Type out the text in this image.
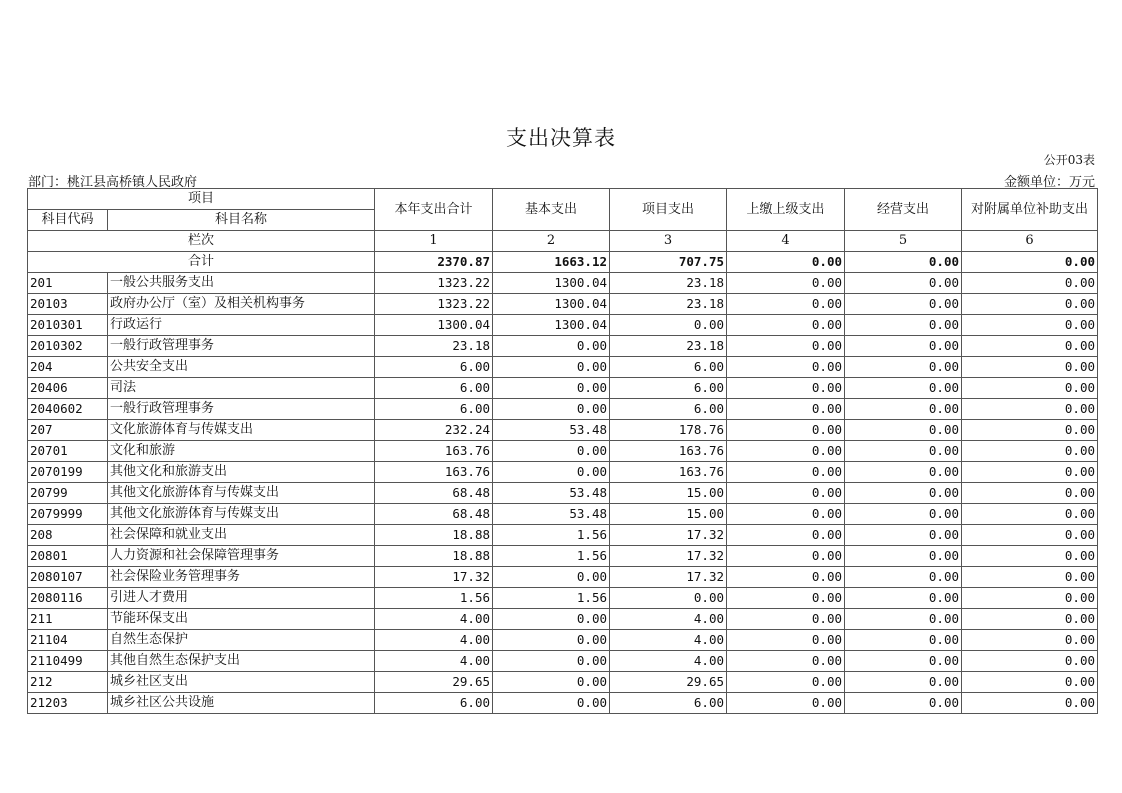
支出决算表
公开03表
部门：桃江县高桥镇人民政府	金额单位：万元
项目		本年支出合计	基本支出	项目支出	上缴上级支出	经营支出	对附属单位补助支出
科目代码	科目名称						
栏次		1	2	3	4	5	6
合计		2370.87	1663.12	707.75	0.00	0.00	0.00
201	一般公共服务支出	1323.22	1300.04	23.18	0.00	0.00	0.00
20103	政府办公厅（室）及相关机构事务	1323.22	1300.04	23.18	0.00	0.00	0.00
2010301	行政运行	1300.04	1300.04	0.00	0.00	0.00	0.00
2010302	一般行政管理事务	23.18	0.00	23.18	0.00	0.00	0.00
204	公共安全支出	6.00	0.00	6.00	0.00	0.00	0.00
20406	司法	6.00	0.00	6.00	0.00	0.00	0.00
2040602	一般行政管理事务	6.00	0.00	6.00	0.00	0.00	0.00
207	文化旅游体育与传媒支出	232.24	53.48	178.76	0.00	0.00	0.00
20701	文化和旅游	163.76	0.00	163.76	0.00	0.00	0.00
2070199	其他文化和旅游支出	163.76	0.00	163.76	0.00	0.00	0.00
20799	其他文化旅游体育与传媒支出	68.48	53.48	15.00	0.00	0.00	0.00
2079999	其他文化旅游体育与传媒支出	68.48	53.48	15.00	0.00	0.00	0.00
208	社会保障和就业支出	18.88	1.56	17.32	0.00	0.00	0.00
20801	人力资源和社会保障管理事务	18.88	1.56	17.32	0.00	0.00	0.00
2080107	社会保险业务管理事务	17.32	0.00	17.32	0.00	0.00	0.00
2080116	引进人才费用	1.56	1.56	0.00	0.00	0.00	0.00
211	节能环保支出	4.00	0.00	4.00	0.00	0.00	0.00
21104	自然生态保护	4.00	0.00	4.00	0.00	0.00	0.00
2110499	其他自然生态保护支出	4.00	0.00	4.00	0.00	0.00	0.00
212	城乡社区支出	29.65	0.00	29.65	0.00	0.00	0.00
21203	城乡社区公共设施	6.00	0.00	6.00	0.00	0.00	0.00
